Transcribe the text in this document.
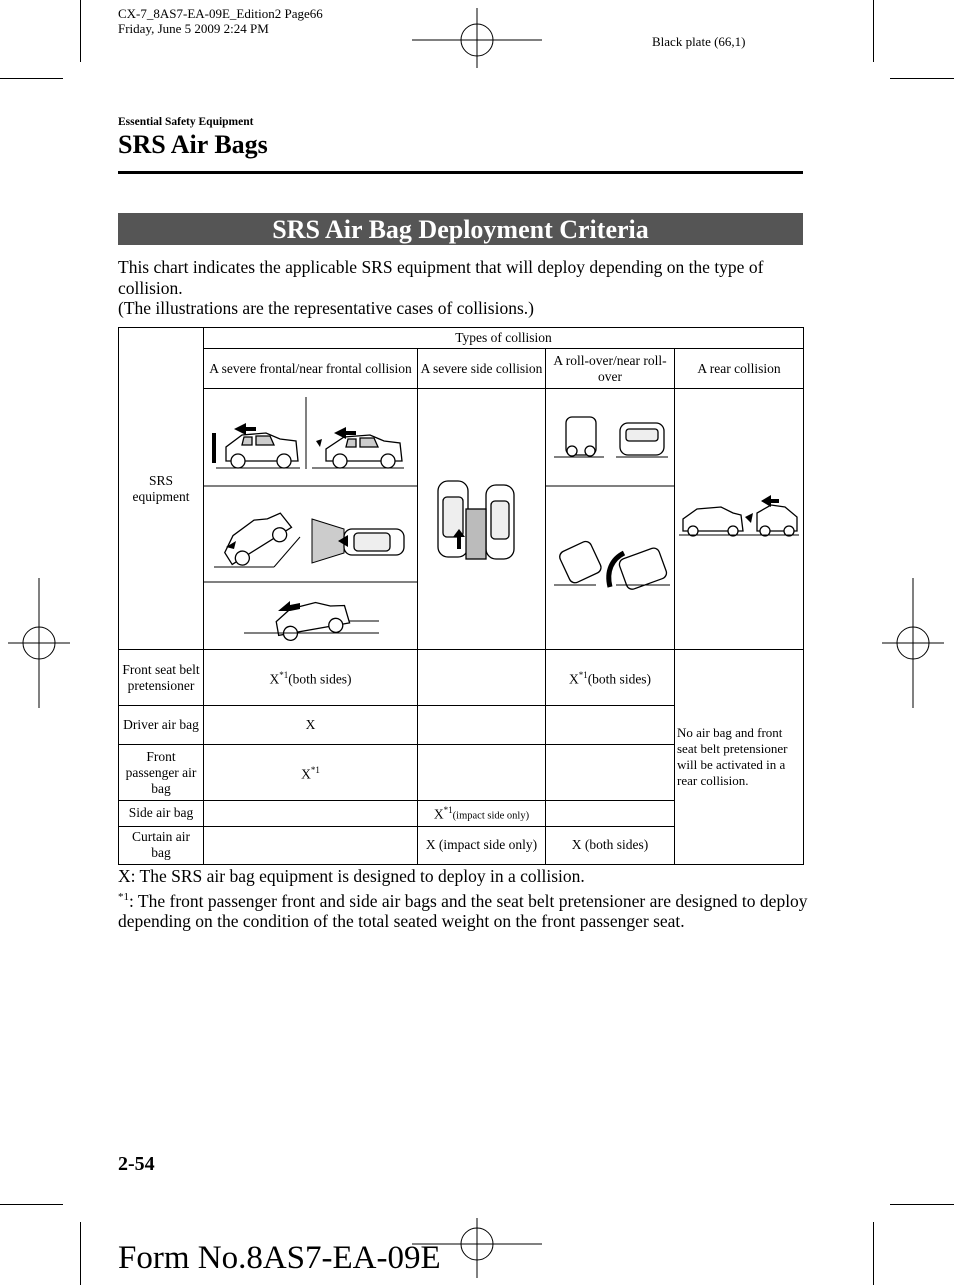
CX-7_8AS7-EA-09E_Edition2 Page66
Friday, June 5 2009 2:24 PM
Black plate (66,1)
Essential Safety Equipment
SRS Air Bags
SRS Air Bag Deployment Criteria
This chart indicates the applicable SRS equipment that will deploy depending on the type of collision.
(The illustrations are the representative cases of collisions.)
SRS equipment	Types of collision			
	A severe frontal/near frontal collision	A severe side collision	A roll-over/near roll-over	A rear collision

Front seat belt pretensioner	$X^{*1}(both$ sides)		$X^{*1}(both$ sides)	No air bag and front seat belt pretensioner will be activated in a rear collision.
Driver air bag	X			
Front passenger air bag	$X^{*1}$		
Side air bag		$X^{*1}(impact$ side only)		
Curtain air bag		X (impact side only)	X (both sides)	
X: The SRS air bag equipment is designed to deploy in a collision.
$^{*1}$: The front passenger front and side air bags and the seat belt pretensioner are designed to deploy depending on the condition of the total seated weight on the front passenger seat.
2-54
Form No.8AS7-EA-09E
